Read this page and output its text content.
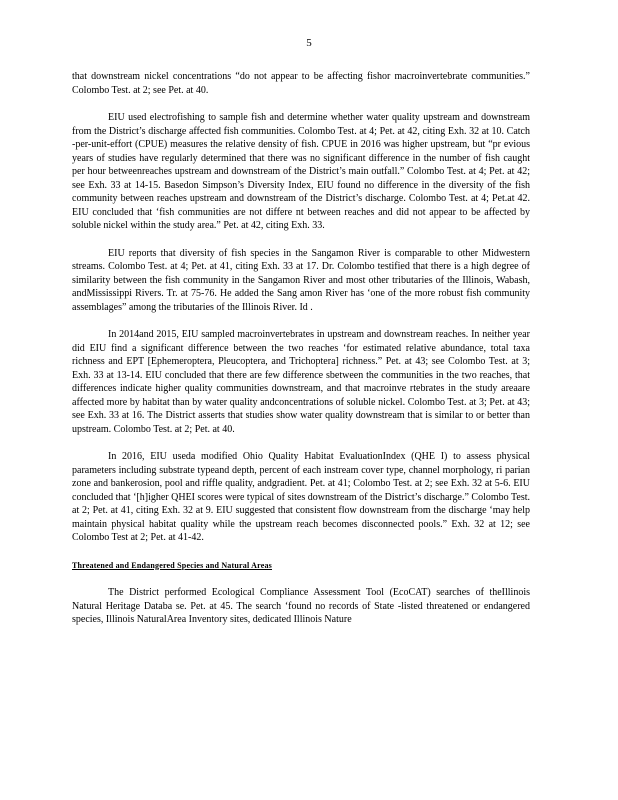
5

that downstream nickel concentrations “do not appear to be affecting fishor macroinvertebrate communities.” Colombo Test. at 2; see Pet. at 40.

EIU used electrofishing to sample fish and determine whether water quality upstream and downstream from the District’s discharge affected fish communities. Colombo Test. at 4; Pet. at 42, citing Exh. 32 at 10. Catch -per-unit-effort (CPUE) measures the relative density of fish. CPUE in 2016 was higher upstream, but “pr evious years of studies have regularly determined that there was no significant difference in the number of fish caught per hour betweenreaches upstream and downstream of the District’s main outfall.” Colombo Test. at 4; Pet. at 42; see Exh. 33 at 14-15. Basedon Simpson’s Diversity Index, EIU found no difference in the diversity of the fish community between reaches upstream and downstream of the District’s discharge. Colombo Test. at 4; Pet.at 42. EIU concluded that ‘fish communities are not differe nt between reaches and did not appear to be affected by soluble nickel within the study area.” Pet. at 42, citing Exh. 33.

EIU reports that diversity of fish species in the Sangamon River is comparable to other Midwestern streams. Colombo Test. at 4; Pet. at 41, citing Exh. 33 at 17. Dr. Colombo testified that there is a high degree of similarity between the fish community in the Sangamon River and most other tributaries of the Illinois, Wabash, andMississippi Rivers. Tr. at 75-76. He added the Sang amon River has ‘one of the more robust fish community assemblages” among the tributaries of the Illinois River. Id .

In 2014and 2015, EIU sampled macroinvertebrates in upstream and downstream reaches. In neither year did EIU find a significant difference between the two reaches ‘for estimated relative abundance, total taxa richness and EPT [Ephemeroptera, Pleucoptera, and Trichoptera] richness.” Pet. at 43; see Colombo Test. at 3; Exh. 33 at 13-14. EIU concluded that there are few difference sbetween the communities in the two reaches, that differences indicate higher quality communities downstream, and that macroinve rtebrates in the study areaare affected more by habitat than by water quality andconcentrations of soluble nickel. Colombo Test. at 3; Pet. at 43; see Exh. 33 at 16. The District asserts that studies show water quality downstream that is similar to or better than upstream. Colombo Test. at 2; Pet. at 40.

In 2016, EIU useda modified Ohio Quality Habitat EvaluationIndex (QHE I) to assess physical parameters including substrate typeand depth, percent of each instream cover type, channel morphology, ri parian zone and bankerosion, pool and riffle quality, andgradient. Pet. at 41; Colombo Test. at 2; see Exh. 32 at 5-6. EIU concluded that ‘[h]igher QHEI scores were typical of sites downstream of the District’s discharge.” Colombo Test. at 2; Pet. at 41, citing Exh. 32 at 9. EIU suggested that consistent flow downstream from the discharge ‘may help maintain physical habitat quality while the upstream reach becomes disconnected pools.” Exh. 32 at 12; see Colombo Test at 2; Pet. at 41-42.

Threatened and Endangered Species and Natural Areas

The District performed Ecological Compliance Assessment Tool (EcoCAT) searches of theIllinois Natural Heritage Databa se. Pet. at 45. The search ‘found no records of State -listed threatened or endangered species, Illinois NaturalArea Inventory sites, dedicated Illinois Nature
